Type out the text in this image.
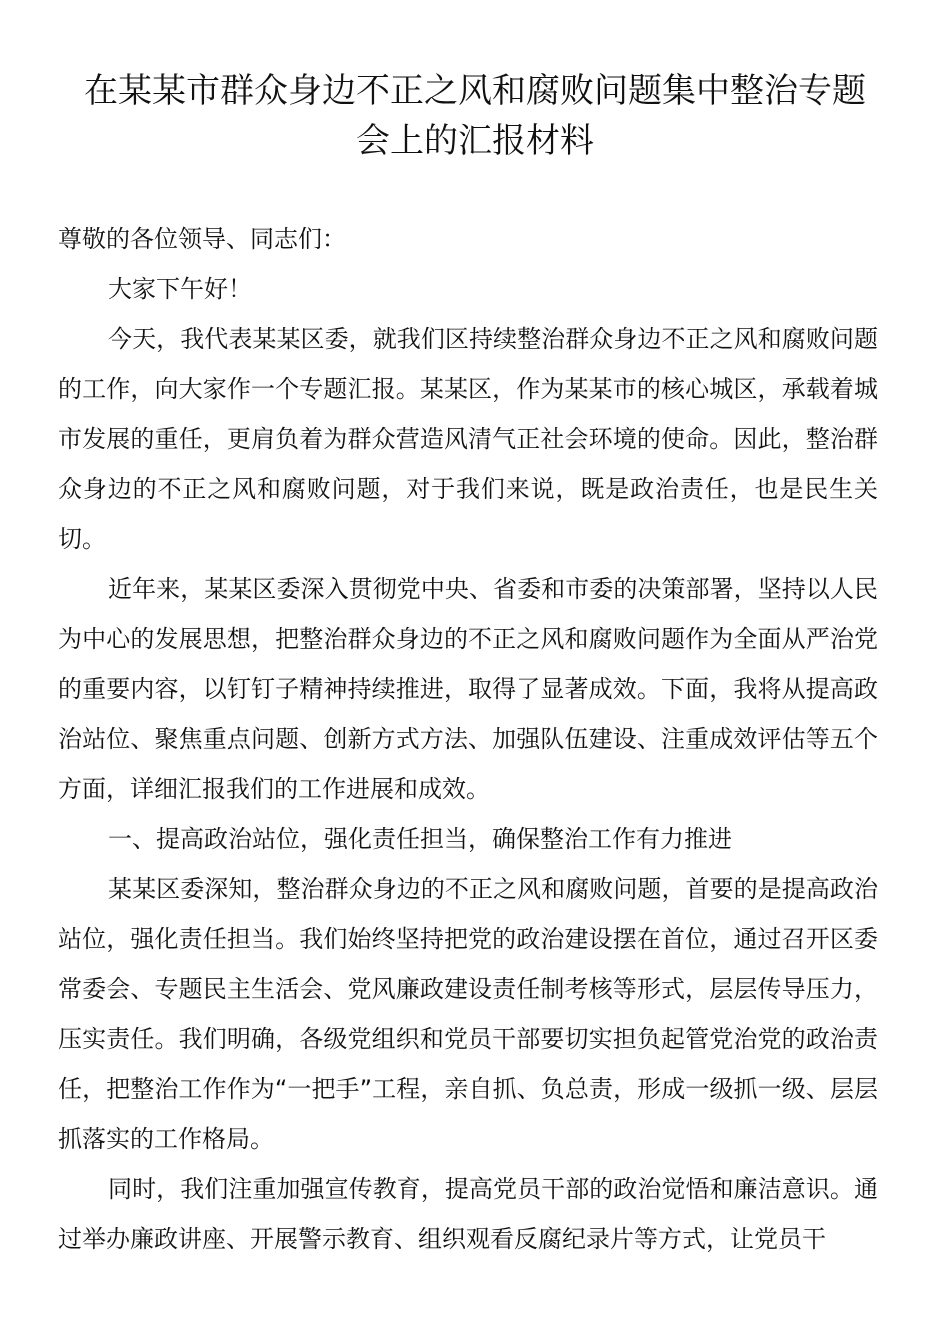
在某某市群众身边不正之风和腐败问题集中整治专题
会上的汇报材料

尊敬的各位领导、同志们：

大家下午好！

今天，我代表某某区委，就我们区持续整治群众身边不正之风和腐败问题的工作，向大家作一个专题汇报。某某区，作为某某市的核心城区，承载着城市发展的重任，更肩负着为群众营造风清气正社会环境的使命。因此，整治群众身边的不正之风和腐败问题，对于我们来说，既是政治责任，也是民生关切。

近年来，某某区委深入贯彻党中央、省委和市委的决策部署，坚持以人民为中心的发展思想，把整治群众身边的不正之风和腐败问题作为全面从严治党的重要内容，以钉钉子精神持续推进，取得了显著成效。下面，我将从提高政治站位、聚焦重点问题、创新方式方法、加强队伍建设、注重成效评估等五个方面，详细汇报我们的工作进展和成效。

一、提高政治站位，强化责任担当，确保整治工作有力推进

某某区委深知，整治群众身边的不正之风和腐败问题，首要的是提高政治站位，强化责任担当。我们始终坚持把党的政治建设摆在首位，通过召开区委常委会、专题民主生活会、党风廉政建设责任制考核等形式，层层传导压力，压实责任。我们明确，各级党组织和党员干部要切实担负起管党治党的政治责任，把整治工作作为“一把手”工程，亲自抓、负总责，形成一级抓一级、层层抓落实的工作格局。

同时，我们注重加强宣传教育，提高党员干部的政治觉悟和廉洁意识。通过举办廉政讲座、开展警示教育、组织观看反腐纪录片等方式，让党员干
